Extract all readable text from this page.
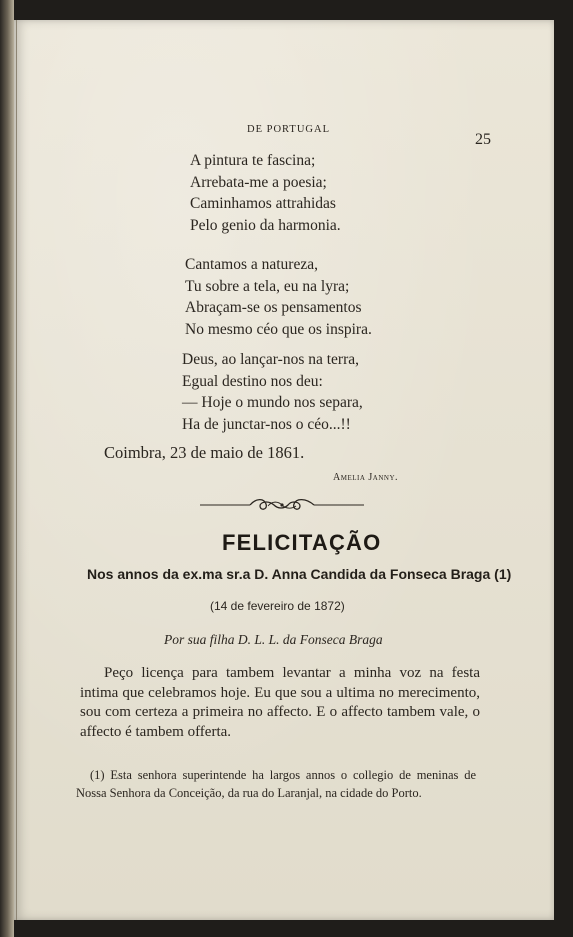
DE PORTUGAL
25
A pintura te fascina;
Arrebata-me a poesia;
Caminhamos attrahidas
Pelo genio da harmonia.
Cantamos a natureza,
Tu sobre a tela, eu na lyra;
Abraçam-se os pensamentos
No mesmo céo que os inspira.
Deus, ao lançar-nos na terra,
Egual destino nos deu:
— Hoje o mundo nos separa,
Ha de junctar-nos o céo...!!
Coimbra, 23 de maio de 1861.
Amelia Janny.
FELICITAÇÃO
Nos annos da ex.ma sr.a D. Anna Candida da Fonseca Braga (1)
(14 de fevereiro de 1872)
Por sua filha D. L. L. da Fonseca Braga
Peço licença para tambem levantar a minha voz na festa intima que celebramos hoje. Eu que sou a ultima no merecimento, sou com certeza a primeira no affecto. E o affecto tambem vale, o affecto é tambem offerta.
(1) Esta senhora superintende ha largos annos o collegio de meninas de Nossa Senhora da Conceição, da rua do Laranjal, na cidade do Porto.
